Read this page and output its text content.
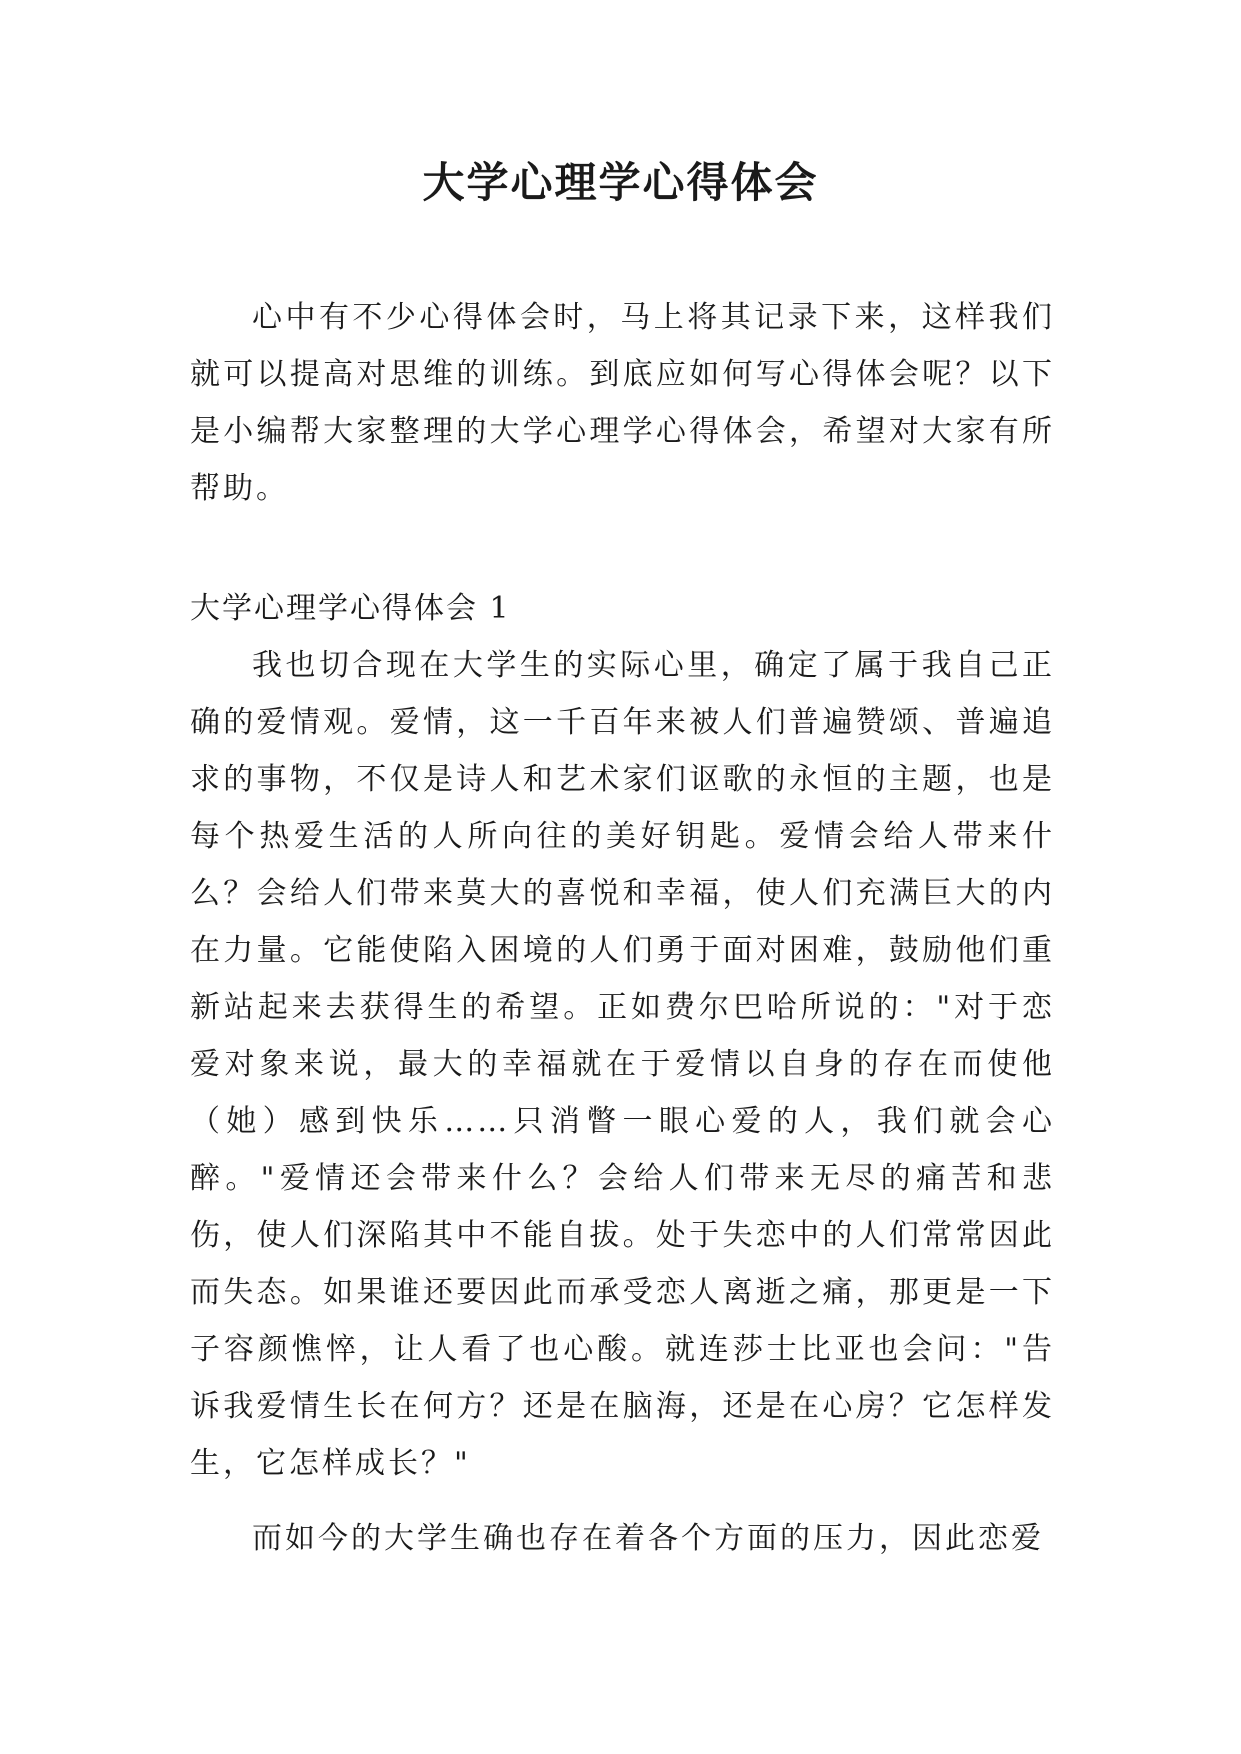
大学心理学心得体会

心中有不少心得体会时，马上将其记录下来，这样我们就可以提高对思维的训练。到底应如何写心得体会呢？以下是小编帮大家整理的大学心理学心得体会，希望对大家有所帮助。

大学心理学心得体会 1

我也切合现在大学生的实际心里，确定了属于我自己正确的爱情观。爱情，这一千百年来被人们普遍赞颂、普遍追求的事物，不仅是诗人和艺术家们讴歌的永恒的主题，也是每个热爱生活的人所向往的美好钥匙。爱情会给人带来什么？会给人们带来莫大的喜悦和幸福，使人们充满巨大的内在力量。它能使陷入困境的人们勇于面对困难，鼓励他们重新站起来去获得生的希望。正如费尔巴哈所说的："对于恋爱对象来说，最大的幸福就在于爱情以自身的存在而使他（她）感到快乐……只消瞥一眼心爱的人，我们就会心醉。"爱情还会带来什么？会给人们带来无尽的痛苦和悲伤，使人们深陷其中不能自拔。处于失恋中的人们常常因此而失态。如果谁还要因此而承受恋人离逝之痛，那更是一下子容颜憔悴，让人看了也心酸。就连莎士比亚也会问："告诉我爱情生长在何方？还是在脑海，还是在心房？它怎样发生，它怎样成长？"

而如今的大学生确也存在着各个方面的压力，因此恋爱
